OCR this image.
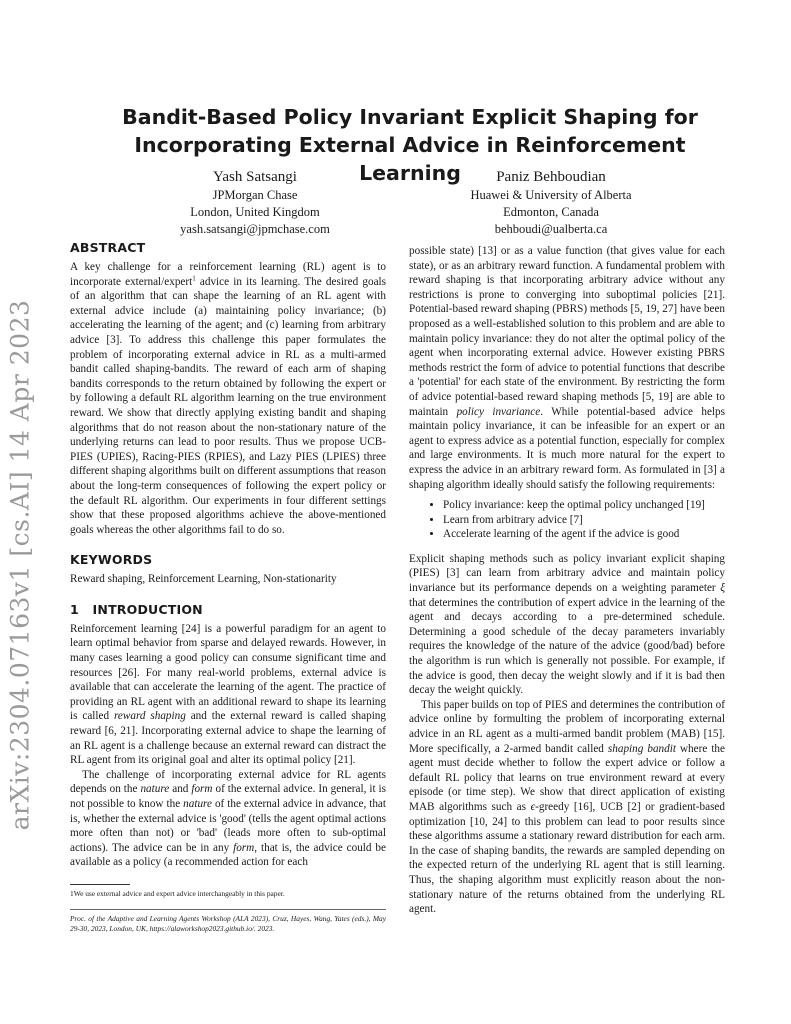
arXiv:2304.07163v1 [cs.AI] 14 Apr 2023
Bandit-Based Policy Invariant Explicit Shaping for
Incorporating External Advice in Reinforcement Learning
Yash Satsangi
JPMorgan Chase
London, United Kingdom
yash.satsangi@jpmchase.com
Paniz Behboudian
Huawei & University of Alberta
Edmonton, Canada
behboudi@ualberta.ca
ABSTRACT

A key challenge for a reinforcement learning (RL) agent is to incorporate external/expert$^1$ advice in its learning. The desired goals of an algorithm that can shape the learning of an RL agent with external advice include (a) maintaining policy invariance; (b) accelerating the learning of the agent; and (c) learning from arbitrary advice [3]. To address this challenge this paper formulates the problem of incorporating external advice in RL as a multi-armed bandit called shaping-bandits. The reward of each arm of shaping bandits corresponds to the return obtained by following the expert or by following a default RL algorithm learning on the true environment reward. We show that directly applying existing bandit and shaping algorithms that do not reason about the non-stationary nature of the underlying returns can lead to poor results. Thus we propose UCB-PIES (UPIES), Racing-PIES (RPIES), and Lazy PIES (LPIES) three different shaping algorithms built on different assumptions that reason about the long-term consequences of following the expert policy or the default RL algorithm. Our experiments in four different settings show that these proposed algorithms achieve the above-mentioned goals whereas the other algorithms fail to do so.

KEYWORDS

Reward shaping, Reinforcement Learning, Non-stationarity

1   INTRODUCTION

Reinforcement learning [24] is a powerful paradigm for an agent to learn optimal behavior from sparse and delayed rewards. However, in many cases learning a good policy can consume significant time and resources [26]. For many real-world problems, external advice is available that can accelerate the learning of the agent. The practice of providing an RL agent with an additional reward to shape its learning is called reward shaping and the external reward is called shaping reward [6, 21]. Incorporating external advice to shape the learning of an RL agent is a challenge because an external reward can distract the RL agent from its original goal and alter its optimal policy [21].

The challenge of incorporating external advice for RL agents depends on the nature and form of the external advice. In general, it is not possible to know the nature of the external advice in advance, that is, whether the external advice is 'good' (tells the agent optimal actions more often than not) or 'bad' (leads more often to sub-optimal actions). The advice can be in any form, that is, the advice could be available as a policy (a recommended action for each

1We use external advice and expert advice interchangeably in this paper.

Proc. of the Adaptive and Learning Agents Workshop (ALA 2023), Cruz, Hayes, Wang, Yates (eds.), May 29-30, 2023, London, UK, https://alaworkshop2023.github.io/. 2023.

possible state) [13] or as a value function (that gives value for each state), or as an arbitrary reward function. A fundamental problem with reward shaping is that incorporating arbitrary advice without any restrictions is prone to converging into suboptimal policies [21]. Potential-based reward shaping (PBRS) methods [5, 19, 27] have been proposed as a well-established solution to this problem and are able to maintain policy invariance: they do not alter the optimal policy of the agent when incorporating external advice. However existing PBRS methods restrict the form of advice to potential functions that describe a 'potential' for each state of the environment. By restricting the form of advice potential-based reward shaping methods [5, 19] are able to maintain policy invariance. While potential-based advice helps maintain policy invariance, it can be infeasible for an expert or an agent to express advice as a potential function, especially for complex and large environments. It is much more natural for the expert to express the advice in an arbitrary reward form. As formulated in [3] a shaping algorithm ideally should satisfy the following requirements:

• Policy invariance: keep the optimal policy unchanged [19]
• Learn from arbitrary advice [7]
• Accelerate learning of the agent if the advice is good

Explicit shaping methods such as policy invariant explicit shaping (PIES) [3] can learn from arbitrary advice and maintain policy invariance but its performance depends on a weighting parameter ξ that determines the contribution of expert advice in the learning of the agent and decays according to a pre-determined schedule. Determining a good schedule of the decay parameters invariably requires the knowledge of the nature of the advice (good/bad) before the algorithm is run which is generally not possible. For example, if the advice is good, then decay the weight slowly and if it is bad then decay the weight quickly.

This paper builds on top of PIES and determines the contribution of advice online by formulting the problem of incorporating external advice in an RL agent as a multi-armed bandit problem (MAB) [15]. More specifically, a 2-armed bandit called shaping bandit where the agent must decide whether to follow the expert advice or follow a default RL policy that learns on true environment reward at every episode (or time step). We show that direct application of existing MAB algorithms such as ϵ-greedy [16], UCB [2] or gradient-based optimization [10, 24] to this problem can lead to poor results since these algorithms assume a stationary reward distribution for each arm. In the case of shaping bandits, the rewards are sampled depending on the expected return of the underlying RL agent that is still learning. Thus, the shaping algorithm must explicitly reason about the non-stationary nature of the returns obtained from the underlying RL agent.
